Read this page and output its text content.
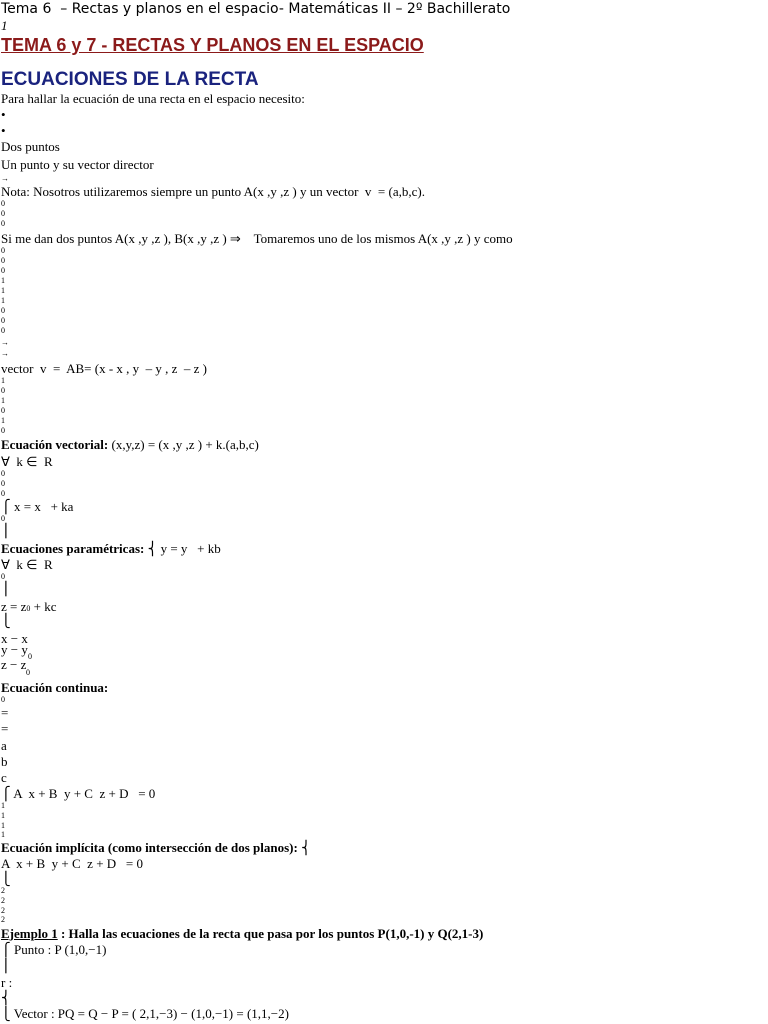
Tema 6  – Rectas y planos en el espacio- Matemáticas II – 2º Bachillerato
1
TEMA 6 y 7 - RECTAS Y PLANOS EN EL ESPACIO
ECUACIONES DE LA RECTA
Para hallar la ecuación de una recta en el espacio necesito:
•
•
Dos puntos
Un punto y su vector director
→
Nota: Nosotros utilizaremos siempre un punto A(x ,y ,z ) y un vector  v  = (a,b,c).
0
0
0
Si me dan dos puntos A(x ,y ,z ), B(x ,y ,z ) ⇒    Tomaremos uno de los mismos A(x ,y ,z ) y como
0
0
0
1
1
1
0
0
0
→
→
vector  v  =  AB= (x - x , y  – y , z  – z )
1
0
1
0
1
0
Ecuación vectorial: (x,y,z) = (x ,y ,z ) + k.(a,b,c)
∀  k ∈  R
0
0
0
⎧ x = x   + ka
0
⎪
Ecuaciones paramétricas: ⎨ y = y   + kb
∀  k ∈  R
0
⎪
z = z0 + kc
⎩
x − x
y − y 0
z − z
0
Ecuación continua:
0
=
=
a
b
c
⎧ A  x + B  y + C  z + D   = 0
1
1
1
1
Ecuación implícita (como intersección de dos planos): ⎨
A  x + B  y + C  z + D   = 0
⎩
2
2
2
2
Ejemplo 1 : Halla las ecuaciones de la recta que pasa por los puntos P(1,0,-1) y Q(2,1-3)
⎧ Punto : P (1,0,−1)
⎪
r :
⎨
⎩ Vector : PQ = Q − P = ( 2,1,−3) − (1,0,−1) = (1,1,−2)
